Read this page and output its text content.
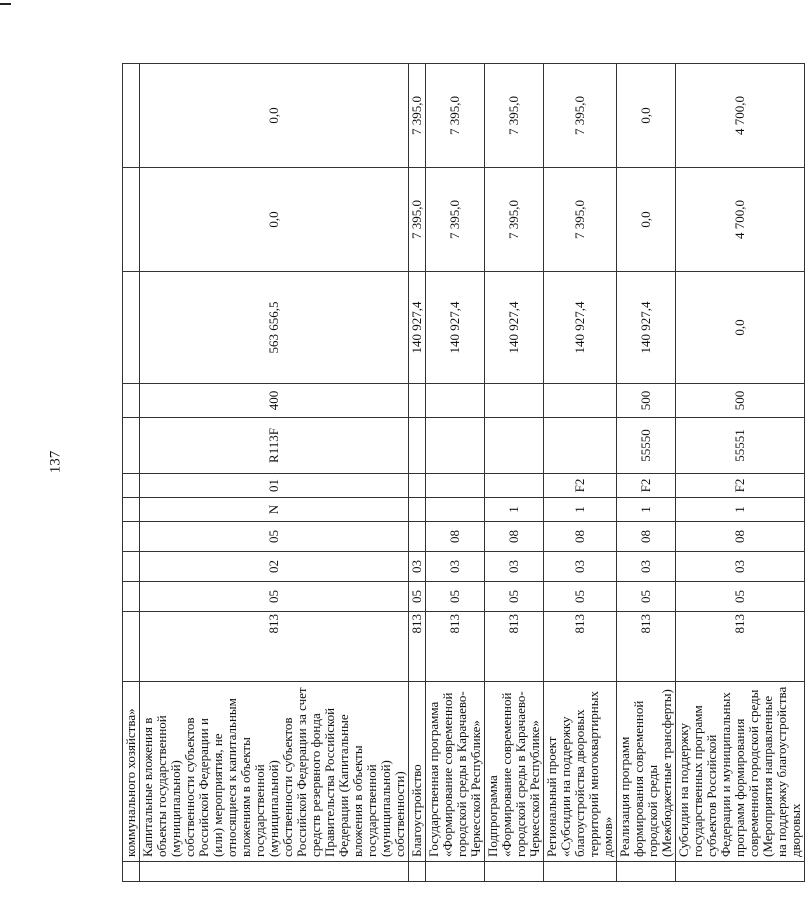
137
	коммунального хозяйства»											
	Капитальные вложения в объекты государственной (муниципальной) собственности субъектов Российской Федерации и (или) мероприятия, не относящиеся к капитальным вложениям в объекты государственной (муниципальной) собственности субъектов Российской Федерации за счет средств резервного фонда Правительства Российской Федерации (Капитальные вложения в объекты государственной (муниципальной) собственности)	813	05	02	05	N	01	R113F	400	563 656,5	0,0	0,0
	Благоустройство	813	05	03						140 927,4	7 395,0	7 395,0
	Государственная программа «Формирование современной городской среды в Карачаево-Черкесской Республике»	813	05	03	08					140 927,4	7 395,0	7 395,0
	Подпрограмма «Формирование современной городской среды в Карачаево-Черкесской Республике»	813	05	03	08	1				140 927,4	7 395,0	7 395,0
	Региональный проект «Субсидии на поддержку благоустройства дворовых территорий многоквартирных домов»	813	05	03	08	1	F2			140 927,4	7 395,0	7 395,0
	Реализация программ формирования современной городской среды (Межбюджетные трансферты)	813	05	03	08	1	F2	55550	500	140 927,4	0,0	0,0
	Субсидии на поддержку государственных программ субъектов Российской Федерации и муниципальных программ формирования современной городской среды (Мероприятия направленные на поддержку благоустройства дворовых	813	05	03	08	1	F2	55551	500	0,0	4 700,0	4 700,0
